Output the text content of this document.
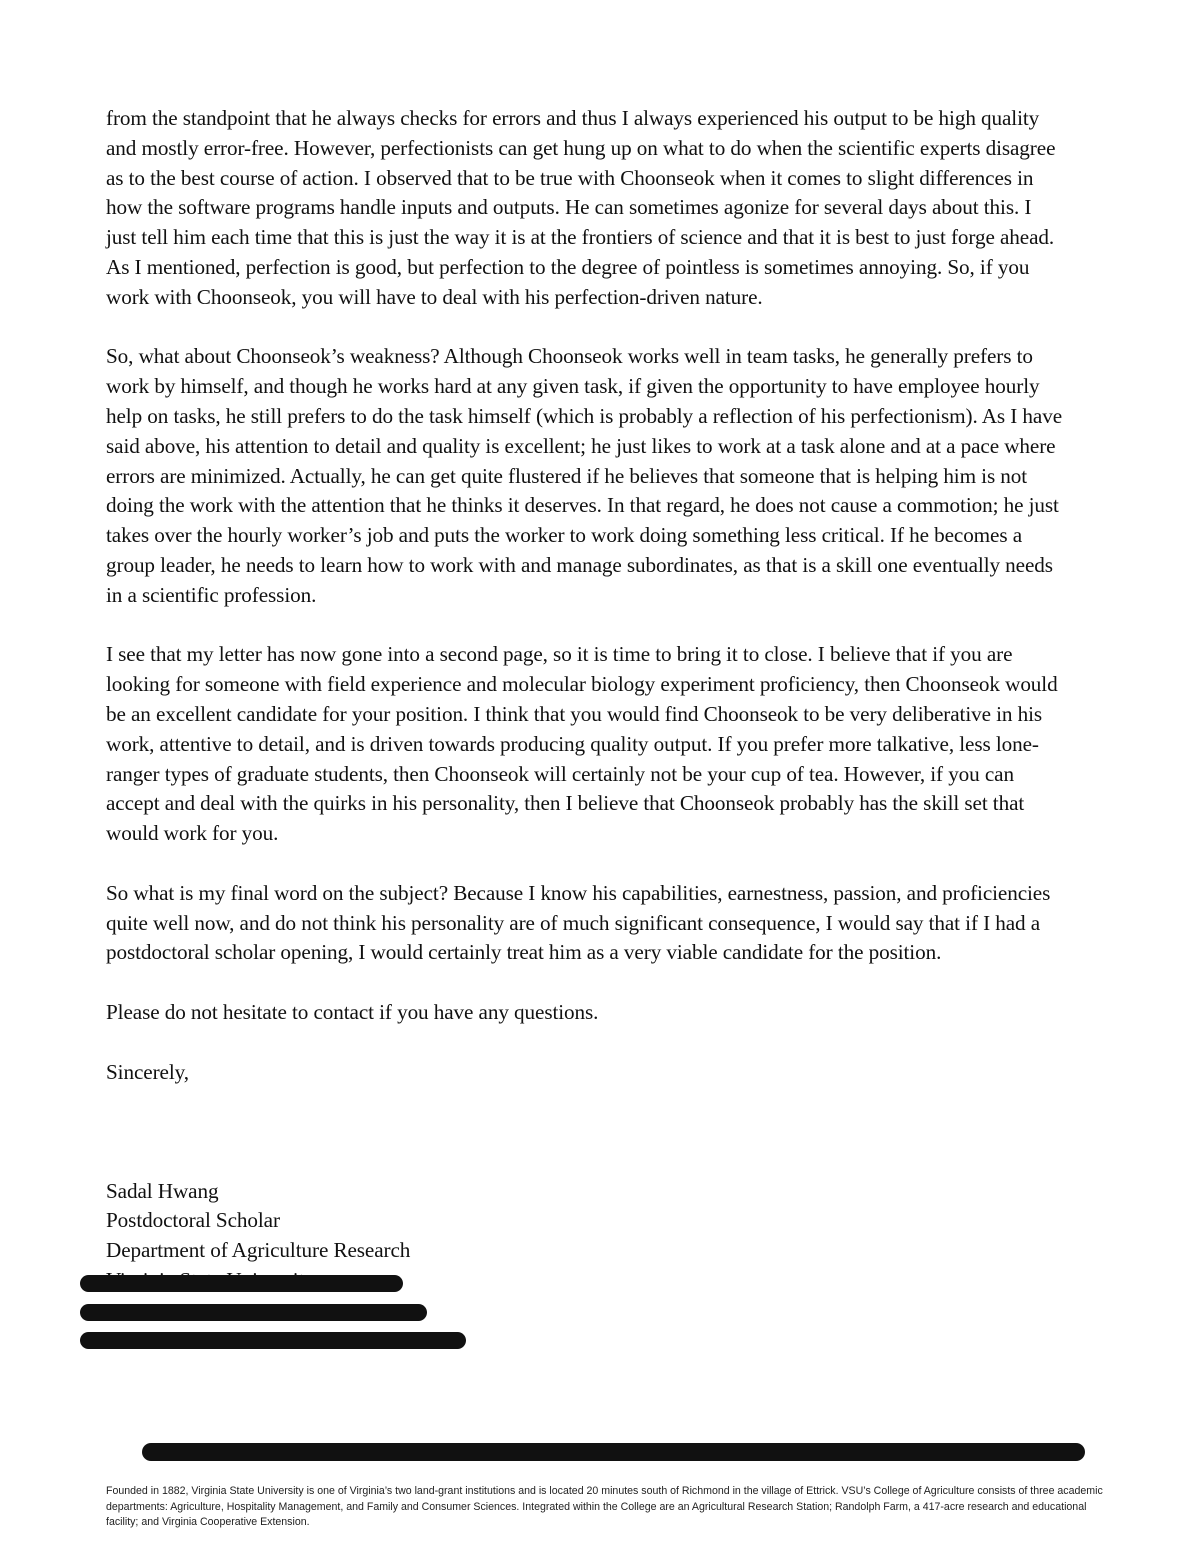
from the standpoint that he always checks for errors and thus I always experienced his output to be high quality
and mostly error-free. However, perfectionists can get hung up on what to do when the scientific experts disagree
as to the best course of action. I observed that to be true with Choonseok when it comes to slight differences in
how the software programs handle inputs and outputs. He can sometimes agonize for several days about this. I
just tell him each time that this is just the way it is at the frontiers of science and that it is best to just forge ahead.
As I mentioned, perfection is good, but perfection to the degree of pointless is sometimes annoying. So, if you
work with Choonseok, you will have to deal with his perfection-driven nature.
So, what about Choonseok’s weakness? Although Choonseok works well in team tasks, he generally prefers to
work by himself, and though he works hard at any given task, if given the opportunity to have employee hourly
help on tasks, he still prefers to do the task himself (which is probably a reflection of his perfectionism). As I have
said above, his attention to detail and quality is excellent; he just likes to work at a task alone and at a pace where
errors are minimized. Actually, he can get quite flustered if he believes that someone that is helping him is not
doing the work with the attention that he thinks it deserves. In that regard, he does not cause a commotion; he just
takes over the hourly worker’s job and puts the worker to work doing something less critical. If he becomes a
group leader, he needs to learn how to work with and manage subordinates, as that is a skill one eventually needs
in a scientific profession.
I see that my letter has now gone into a second page, so it is time to bring it to close. I believe that if you are
looking for someone with field experience and molecular biology experiment proficiency, then Choonseok would
be an excellent candidate for your position. I think that you would find Choonseok to be very deliberative in his
work, attentive to detail, and is driven towards producing quality output. If you prefer more talkative, less lone-
ranger types of graduate students, then Choonseok will certainly not be your cup of tea. However, if you can
accept and deal with the quirks in his personality, then I believe that Choonseok probably has the skill set that
would work for you.
So what is my final word on the subject? Because I know his capabilities, earnestness, passion, and proficiencies
quite well now, and do not think his personality are of much significant consequence, I would say that if I had a
postdoctoral scholar opening, I would certainly treat him as a very viable candidate for the position.
Please do not hesitate to contact if you have any questions.
Sincerely,
Sadal Hwang
Postdoctoral Scholar
Department of Agriculture Research
Founded in 1882, Virginia State University is one of Virginia’s two land-grant institutions and is located 20 minutes south of Richmond in the village of Ettrick. VSU’s College of Agriculture consists of three academic departments: Agriculture, Hospitality Management, and Family and Consumer Sciences. Integrated within the College are an Agricultural Research Station; Randolph Farm, a 417-acre research and educational facility; and Virginia Cooperative Extension.
